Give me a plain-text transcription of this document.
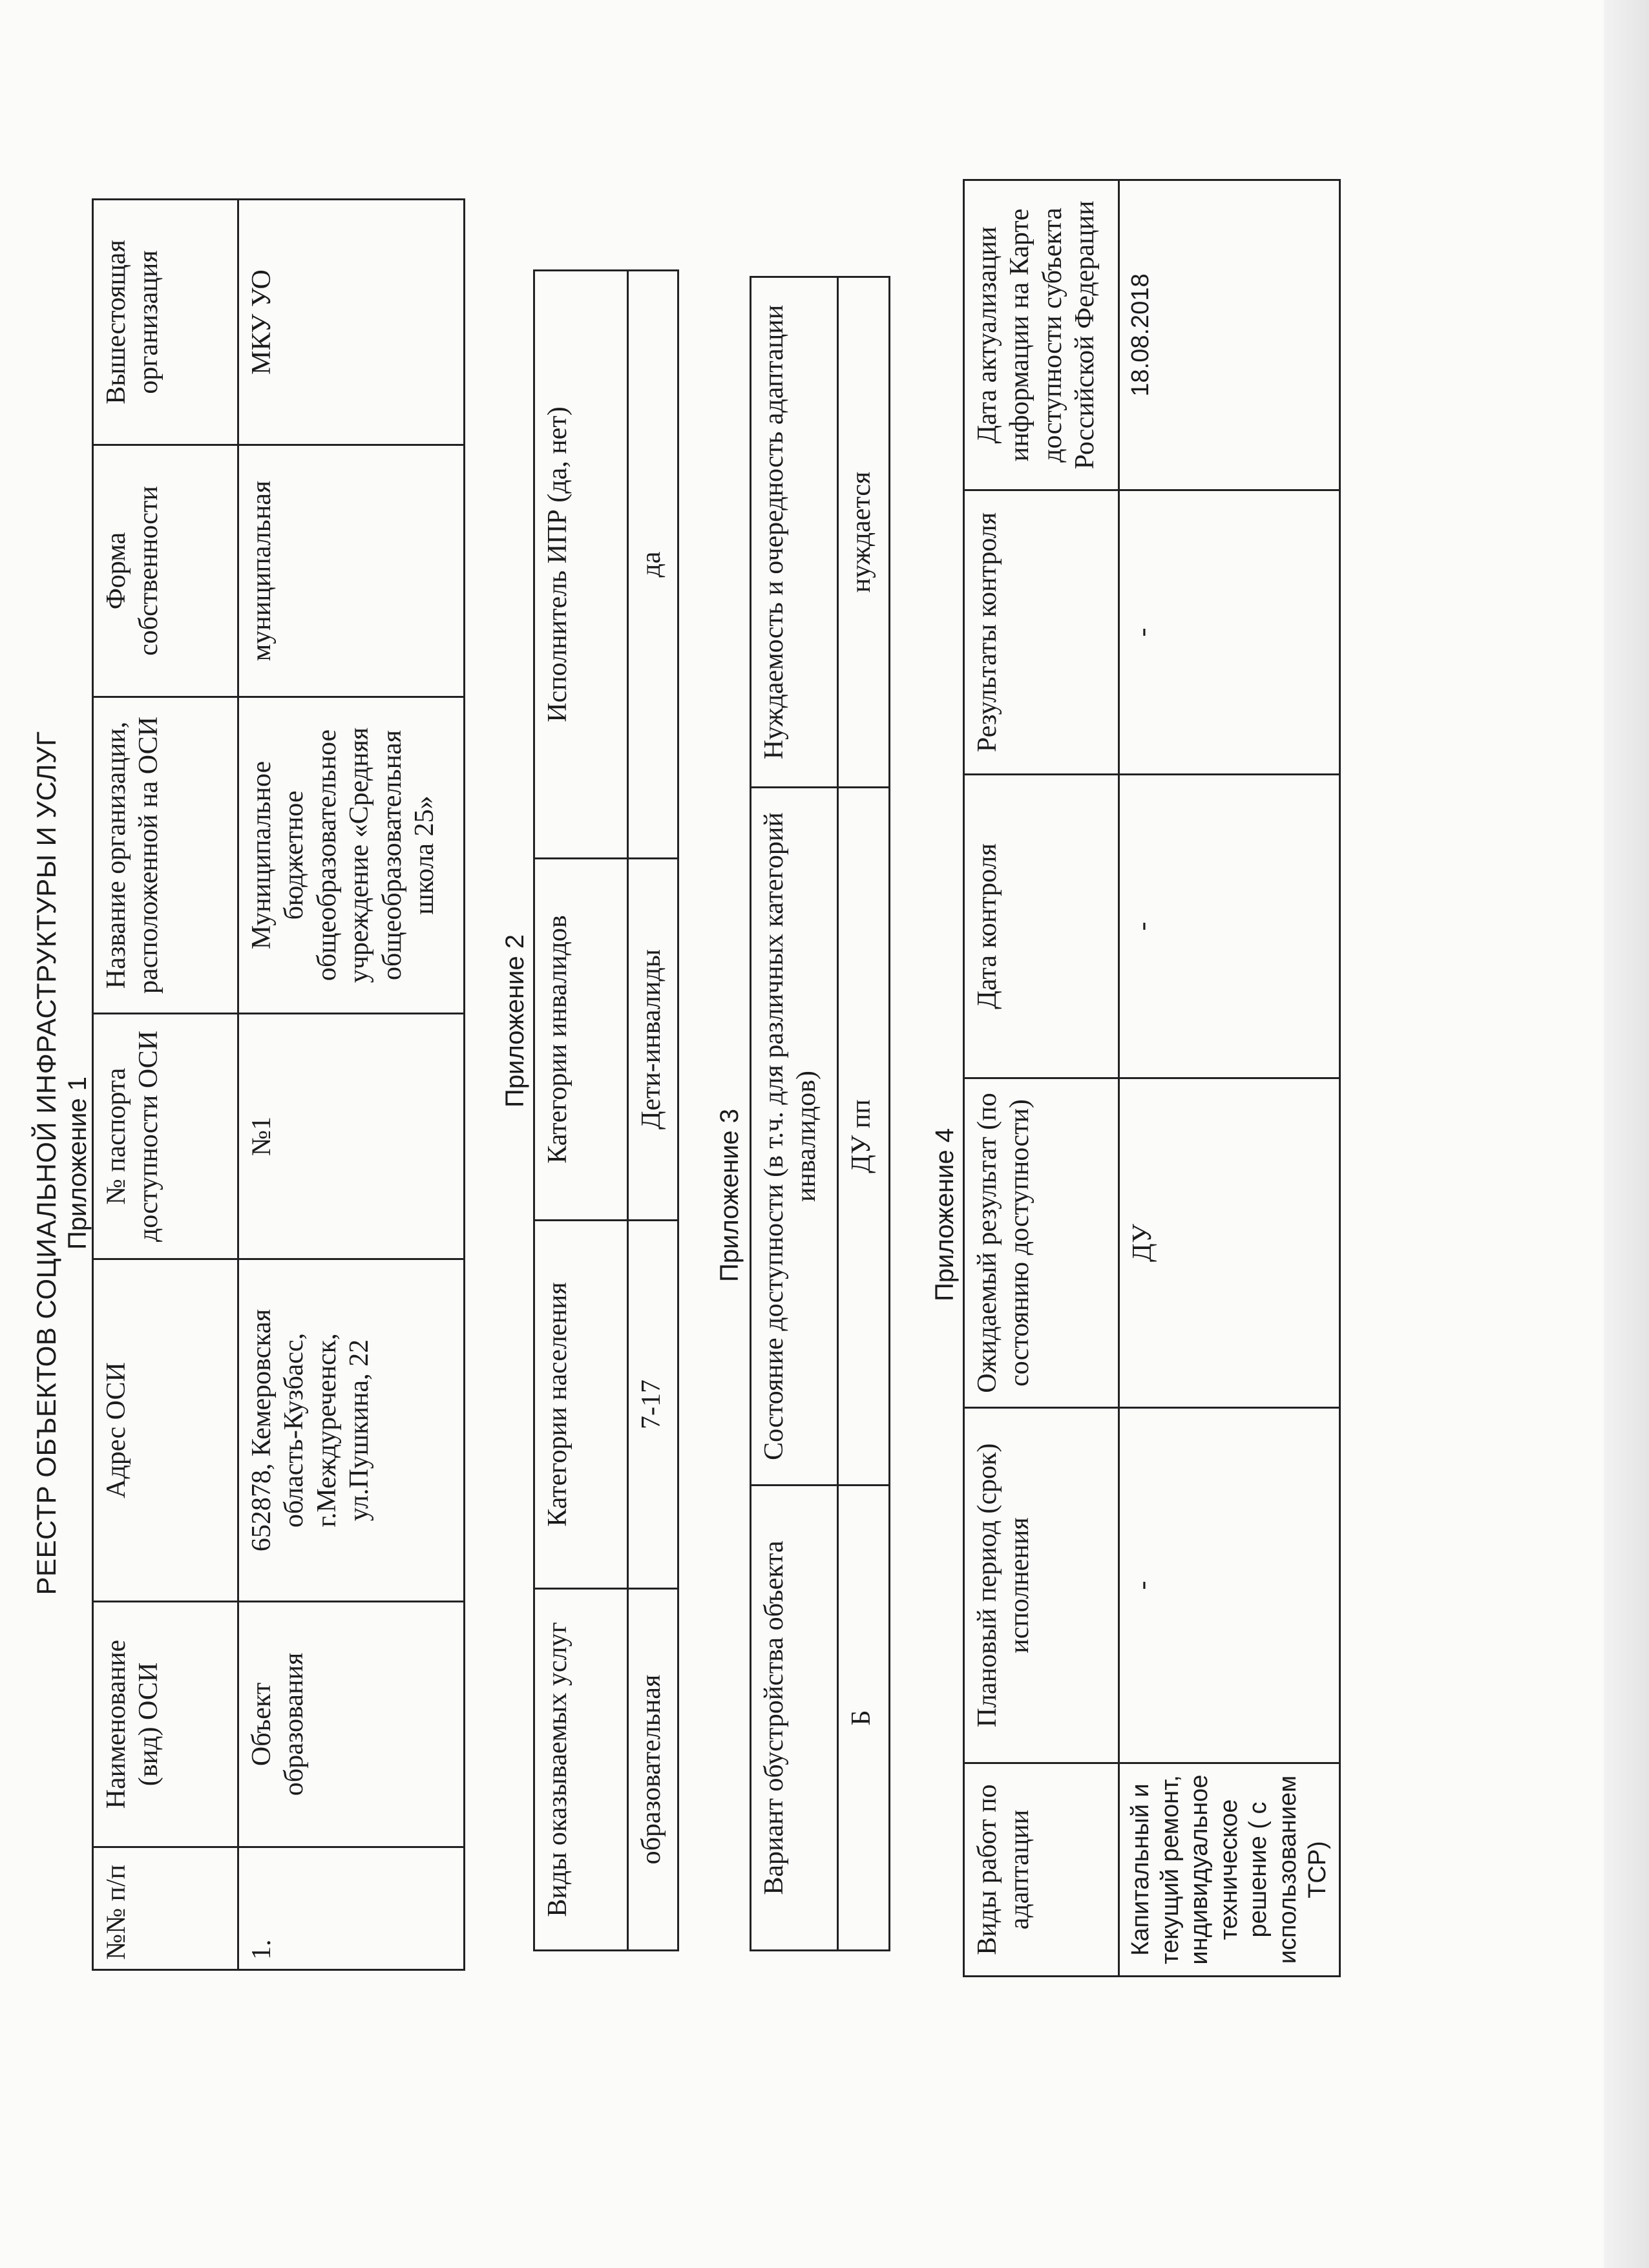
РЕЕСТР ОБЪЕКТОВ СОЦИАЛЬНОЙ ИНФРАСТРУКТУРЫ И УСЛУГ Приложение 1
№№ п/п	Наименование (вид) ОСИ	Адрес ОСИ	№ паспорта доступности ОСИ	Название организации, расположенной на ОСИ	Форма собственности	Вышестоящая организация
1.	Объект образования	652878, Кемеровская область-Кузбасс, г.Междуреченск, ул.Пушкина, 22	№1	Муниципальное бюджетное общеобразовательное учреждение «Средняя общеобразовательная школа 25»	муниципальная	МКУ УО
Приложение 2
Виды оказываемых услуг	Категории населения	Категории инвалидов	Исполнитель ИПР (да, нет)
образовательная	7-17	Дети-инвалиды	да
Приложение 3
Вариант обустройства объекта	Состояние доступности (в т.ч. для различных категорий инвалидов)	Нуждаемость и очередность адаптации
Б	ДУ пп	нуждается
Приложение 4
Виды работ по адаптации	Плановый период (срок) исполнения	Ожидаемый результат (по состоянию доступности)	Дата контроля	Результаты контроля	Дата актуализации информации на Карте доступности субъекта Российской Федерации
Капитальный и текущий ремонт, индивидуальное техническое решение ( с использованием ТСР)	-	ДУ	-	-	18.08.2018
